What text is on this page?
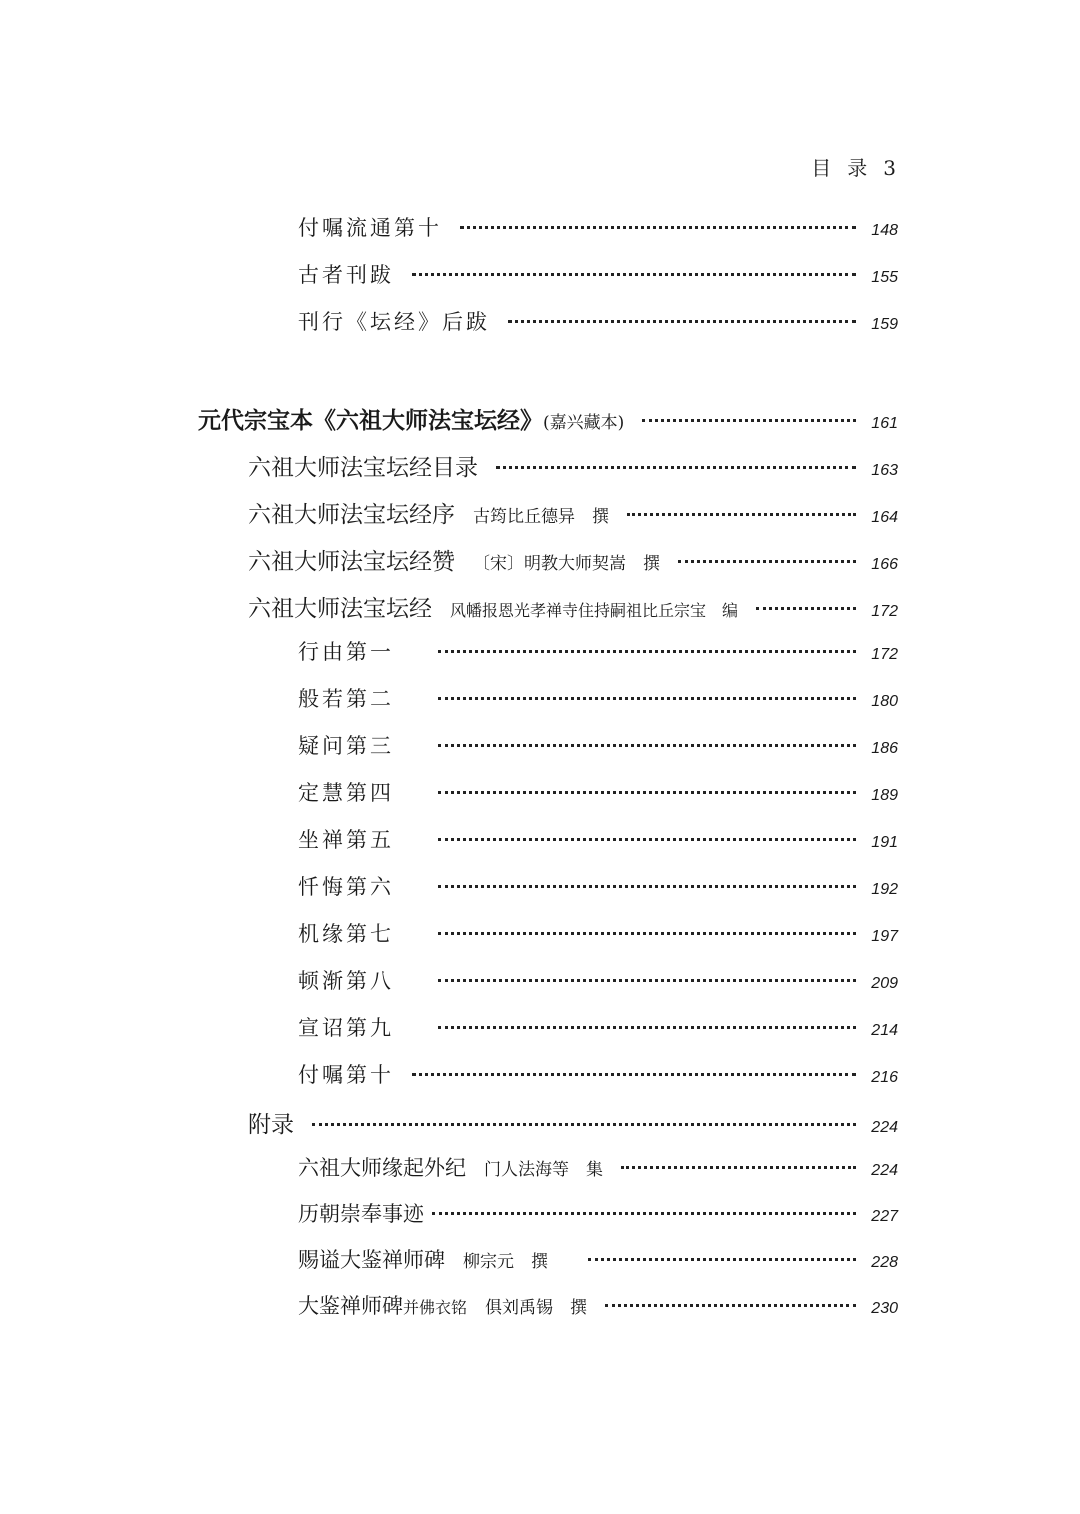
目 录 3
付嘱流通第十	148
古者刊跋	155
刊行《坛经》后跋	159
元代宗宝本《六祖大师法宝坛经》(嘉兴藏本)	161
六祖大师法宝坛经目录	163
六祖大师法宝坛经序 古筠比丘德异　撰	164
六祖大师法宝坛经赞 〔宋〕明教大师契嵩　撰	166
六祖大师法宝坛经 风幡报恩光孝禅寺住持嗣祖比丘宗宝　编	172
行由第一	172
般若第二	180
疑问第三	186
定慧第四	189
坐禅第五	191
忏悔第六	192
机缘第七	197
顿渐第八	209
宣诏第九	214
付嘱第十	216
附录	224
六祖大师缘起外纪 门人法海等　集	224
历朝崇奉事迹	227
赐谥大鉴禅师碑 柳宗元　撰	228
大鉴禅师碑并佛衣铭 俱刘禹锡　撰	230
